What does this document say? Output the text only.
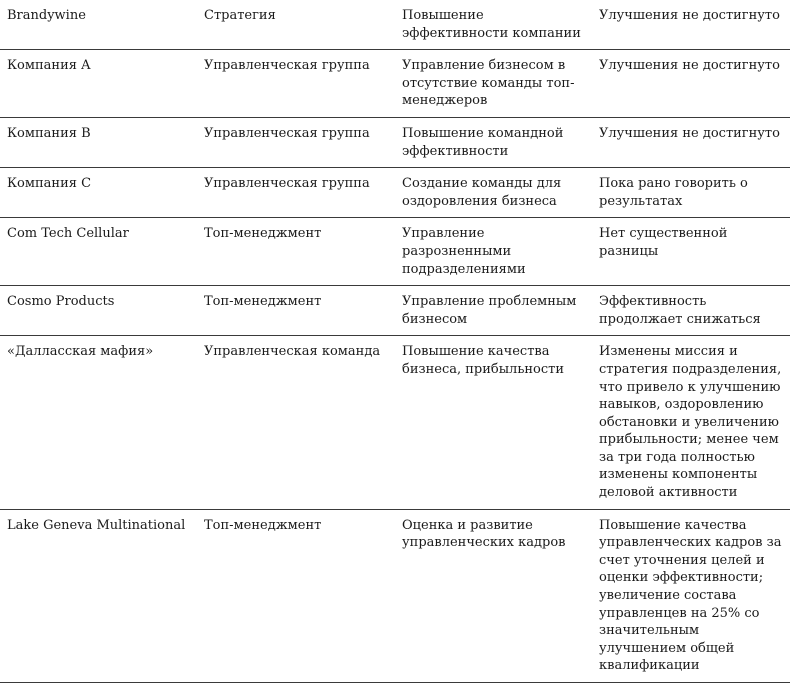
Brandywine	Стратегия	Повышение эффективности компании	Улучшения не достигнуто
Компания A	Управленческая группа	Управление бизнесом в отсутствие команды топ-менеджеров	Улучшения не достигнуто
Компания B	Управленческая группа	Повышение командной эффективности	Улучшения не достигнуто
Компания C	Управленческая группа	Создание команды для оздоровления бизнеса	Пока рано говорить о результатах
Com Tech Cellular	Топ-менеджмент	Управление разрозненными подразделениями	Нет существенной разницы
Cosmo Products	Топ-менеджмент	Управление проблемным бизнесом	Эффективность продолжает снижаться
«Далласская мафия»	Управленческая команда	Повышение качества бизнеса, прибыльности	Изменены миссия и стратегия подразделения, что привело к улучшению навыков, оздоровлению обстановки и увеличению прибыльности; менее чем за три года полностью изменены компоненты деловой активности
Lake Geneva Multinational	Топ-менеджмент	Оценка и развитие управленческих кадров	Повышение качества управленческих кадров за счет уточнения целей и оценки эффективности; увеличение состава управленцев на 25% со значительным улучшением общей квалификации
